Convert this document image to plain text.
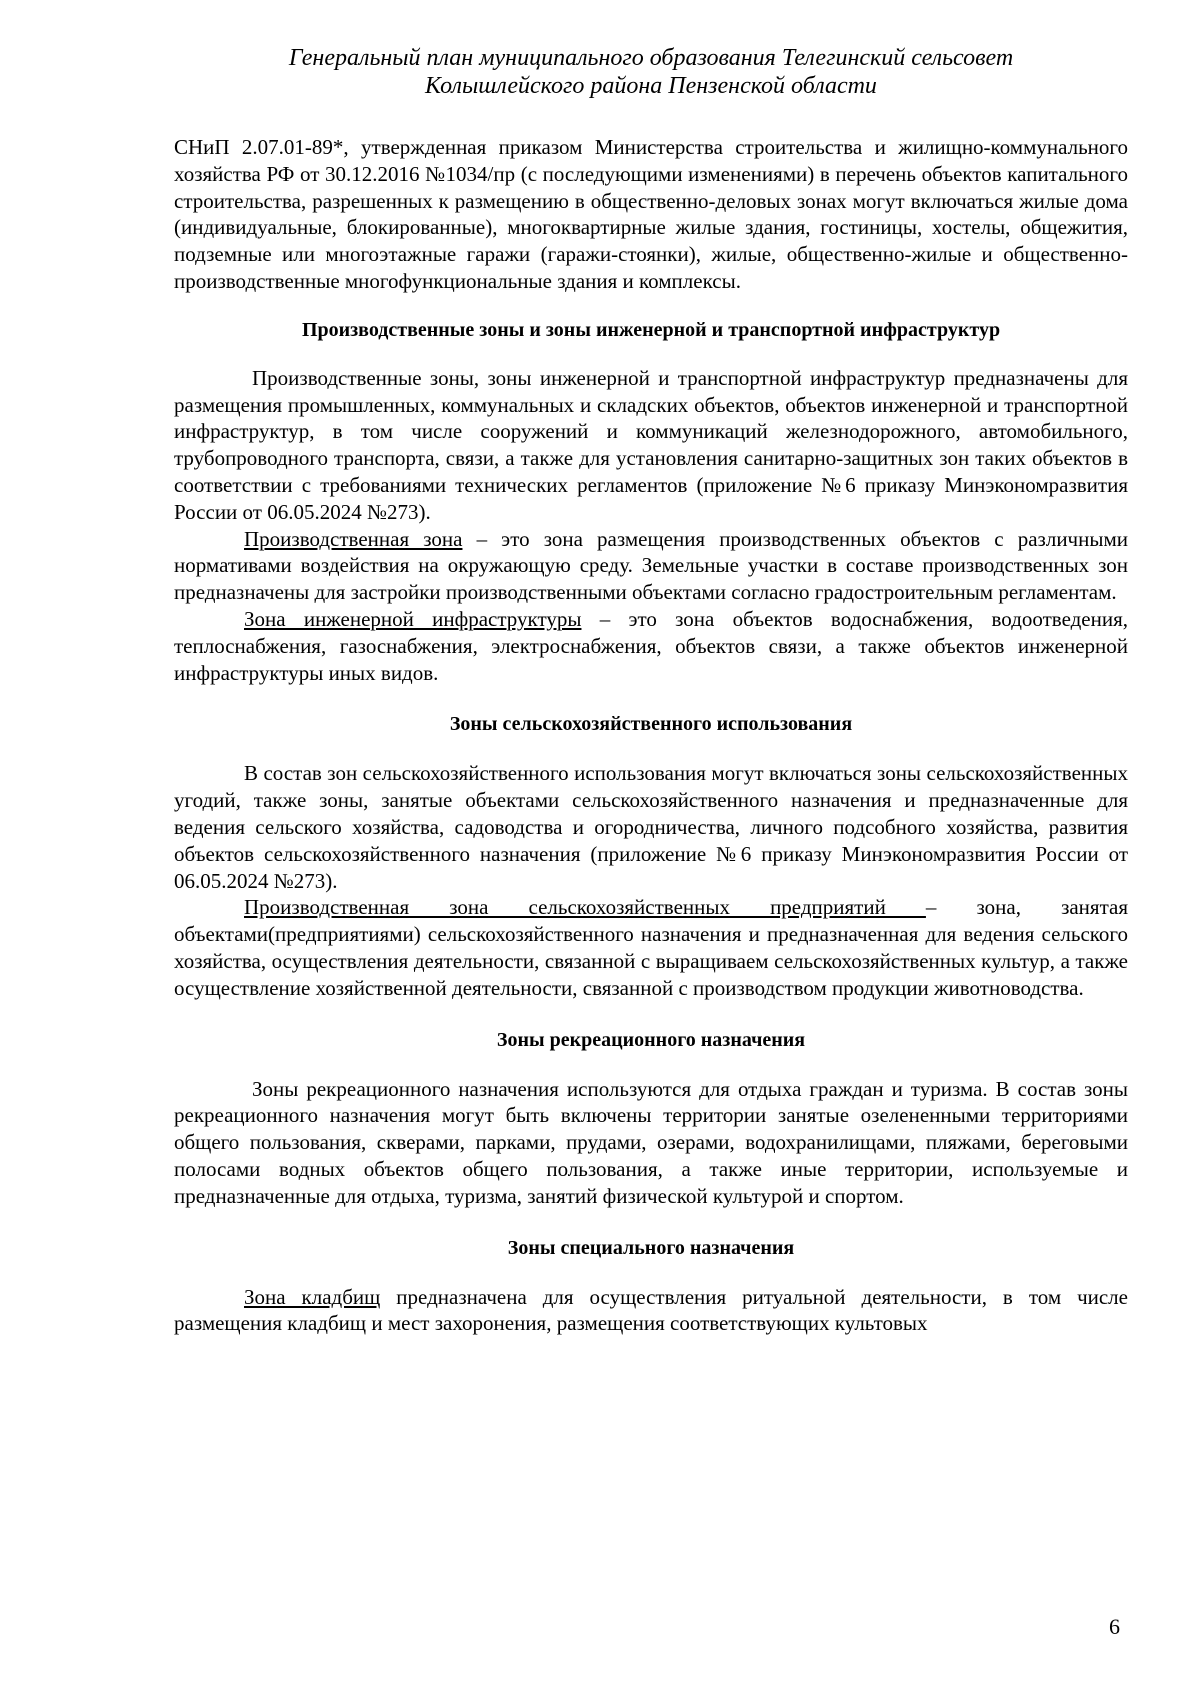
Генеральный план муниципального образования Телегинский сельсовет
Колышлейского района Пензенской области

СНиП 2.07.01-89*, утвержденная приказом Министерства строительства и жилищно-коммунального хозяйства РФ от 30.12.2016 №1034/пр (с последующими изменениями) в перечень объектов капитального строительства, разрешенных к размещению в общественно-деловых зонах могут включаться жилые дома (индивидуальные, блокированные), многоквартирные жилые здания, гостиницы, хостелы, общежития, подземные или многоэтажные гаражи (гаражи-стоянки), жилые, общественно-жилые и общественно-производственные многофункциональные здания и комплексы.

Производственные зоны и зоны инженерной и транспортной инфраструктур

Производственные зоны, зоны инженерной и транспортной инфраструктур предназначены для размещения промышленных, коммунальных и складских объектов, объектов инженерной и транспортной инфраструктур, в том числе сооружений и коммуникаций железнодорожного, автомобильного, трубопроводного транспорта, связи, а также для установления санитарно-защитных зон таких объектов в соответствии с требованиями технических регламентов (приложение №6 приказу Минэкономразвития России от 06.05.2024 №273).

Производственная зона – это зона размещения производственных объектов с различными нормативами воздействия на окружающую среду. Земельные участки в составе производственных зон предназначены для застройки производственными объектами согласно градостроительным регламентам.

Зона инженерной инфраструктуры – это зона объектов водоснабжения, водоотведения, теплоснабжения, газоснабжения, электроснабжения, объектов связи, а также объектов инженерной инфраструктуры иных видов.

Зоны сельскохозяйственного использования

В состав зон сельскохозяйственного использования могут включаться зоны сельскохозяйственных угодий, также зоны, занятые объектами сельскохозяйственного назначения и предназначенные для ведения сельского хозяйства, садоводства и огородничества, личного подсобного хозяйства, развития объектов сельскохозяйственного назначения (приложение №6 приказу Минэкономразвития России от 06.05.2024 №273).

Производственная зона сельскохозяйственных предприятий – зона, занятая объектами(предприятиями) сельскохозяйственного назначения и предназначенная для ведения сельского хозяйства, осуществления деятельности, связанной с выращиваем сельскохозяйственных культур, а также осуществление хозяйственной деятельности, связанной с производством продукции животноводства.

Зоны рекреационного назначения

Зоны рекреационного назначения используются для отдыха граждан и туризма. В состав зоны рекреационного назначения могут быть включены территории занятые озелененными территориями общего пользования, скверами, парками, прудами, озерами, водохранилищами, пляжами, береговыми полосами водных объектов общего пользования, а также иные территории, используемые и предназначенные для отдыха, туризма, занятий физической культурой и спортом.

Зоны специального назначения

Зона кладбищ предназначена для осуществления ритуальной деятельности, в том числе размещения кладбищ и мест захоронения, размещения соответствующих культовых

6
